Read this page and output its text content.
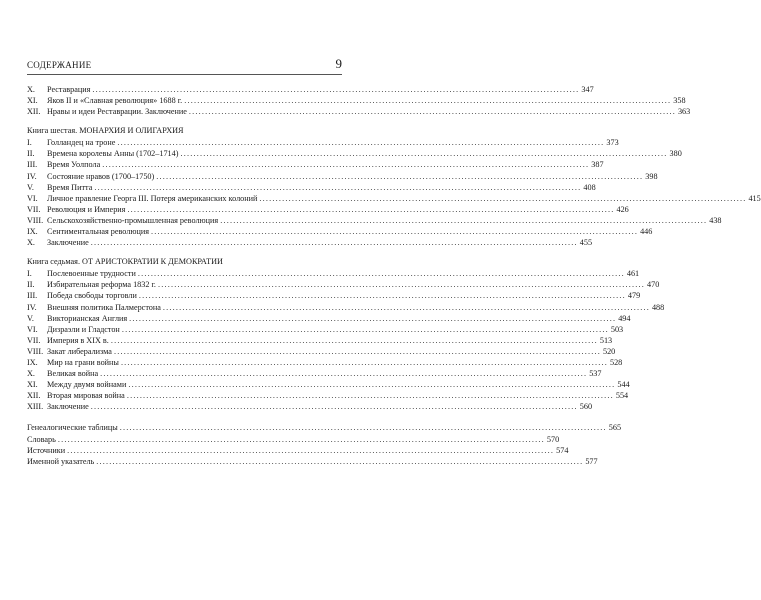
СОДЕРЖАНИЕ	9
X.	Реставрация .....	347
XI.	Яков II и «Славная революция» 1688 г. .....	358
XII. Нравы и идеи Реставрации. Заключение .....	363
Книга шестая. МОНАРХИЯ И ОЛИГАРХИЯ
I.	Голландец на троне .....	373
II.	Времена королевы Анны (1702–1714) .....	380
III.	Время Уолпола .....	387
IV.	Состояние нравов (1700–1750) .....	398
V.	Время Питта .....	408
VI.	Личное правление Георга III. Потеря американских колоний .....	415
VII. Революция и Империя .....	426
VIII. Сельскохозяйственно-промышленная революция .....	438
IX.	Сентиментальная революция .....	446
X.	Заключение .....	455
Книга седьмая. ОТ АРИСТОКРАТИИ К ДЕМОКРАТИИ
I.	Послевоенные трудности .....	461
II.	Избирательная реформа 1832 г. .....	470
III.	Победа свободы торговли .....	479
IV.	Внешняя политика Палмерстона .....	488
V.	Викторианская Англия .....	494
VI.	Дизраэли и Гладстон .....	503
VII. Империя в XIX в. .....	513
VIII. Закат либерализма .....	520
IX.	Мир на грани войны .....	528
X.	Великая война .....	537
XI.	Между двумя войнами .....	544
XII. Вторая мировая война .....	554
XIII. Заключение .....	560
Генеалогические таблицы .....	565
Словарь .....	570
Источники .....	574
Именной указатель .....	577
